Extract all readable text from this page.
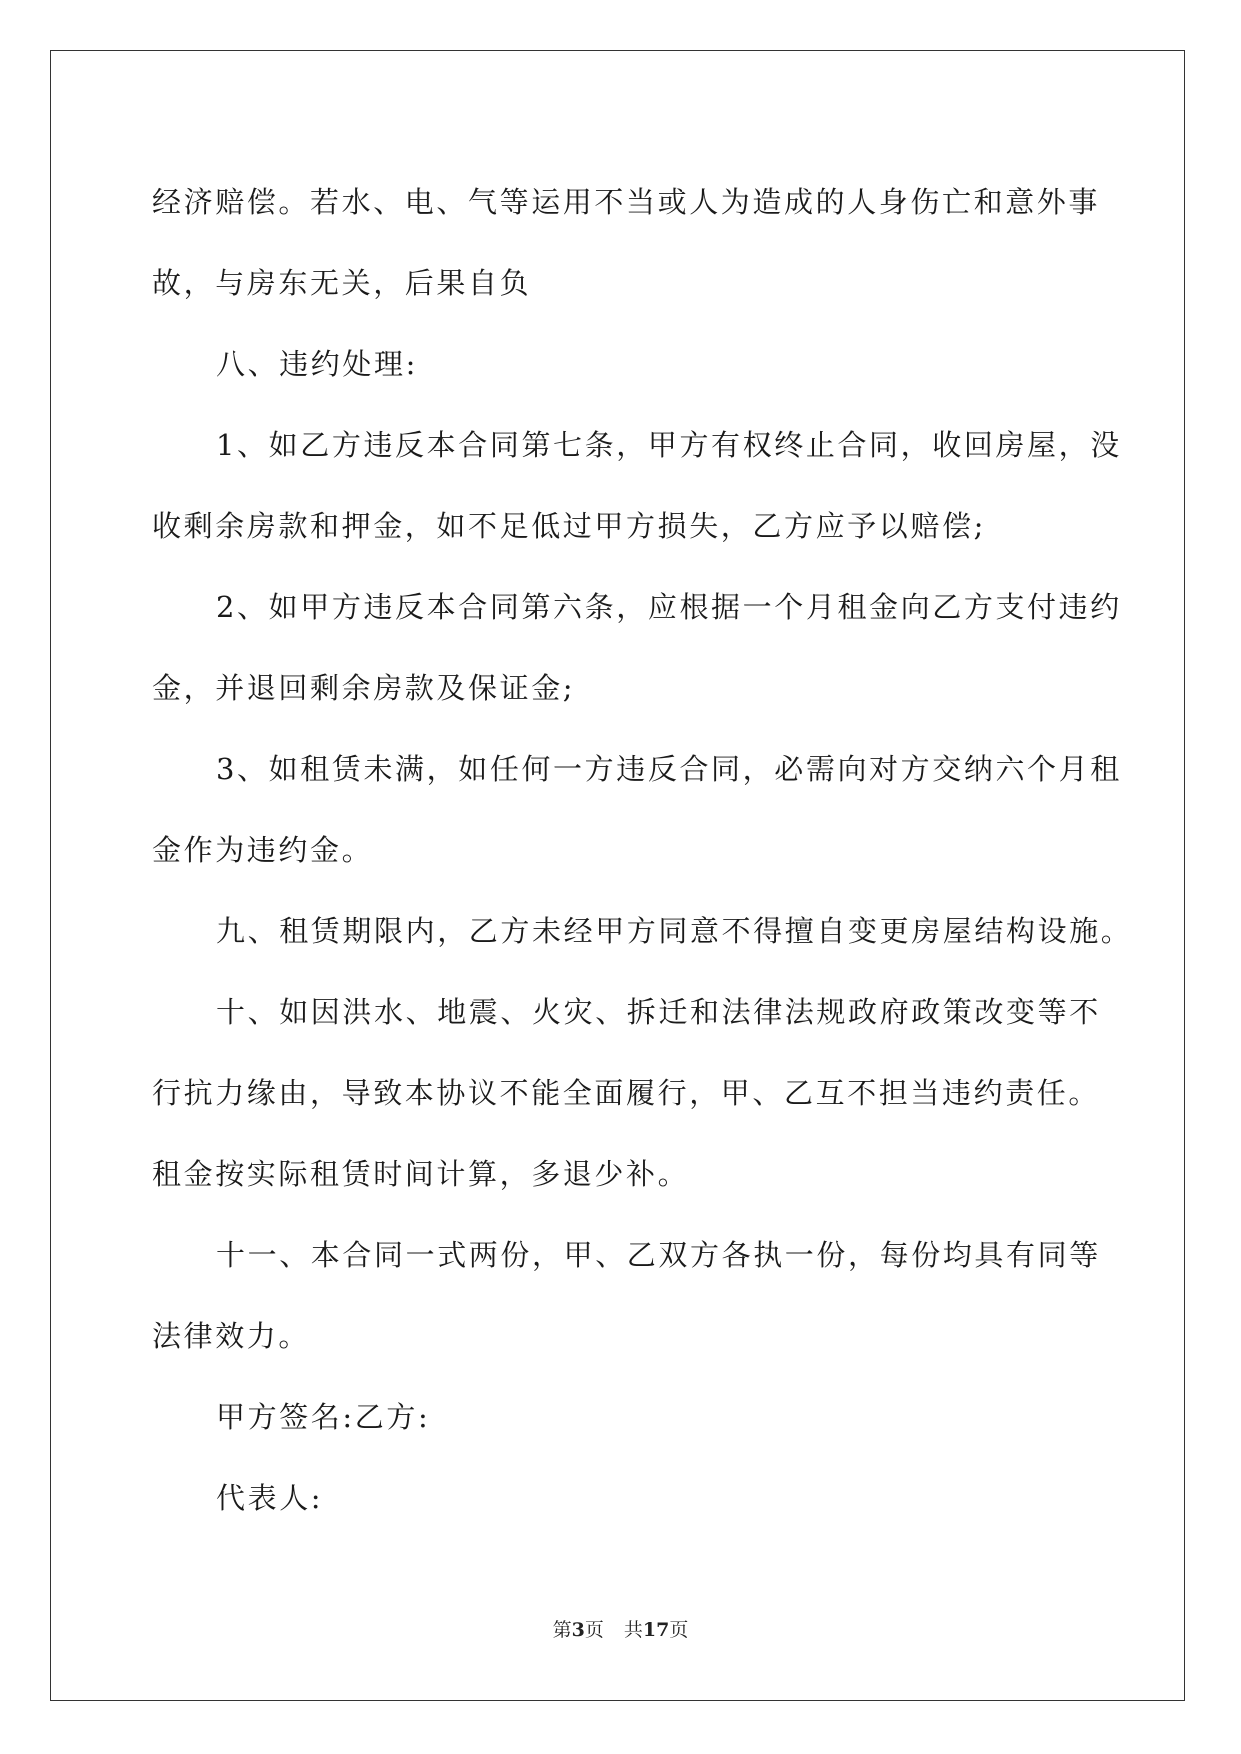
经济赔偿。若水、电、气等运用不当或人为造成的人身伤亡和意外事

故，与房东无关，后果自负

八、违约处理:

1、如乙方违反本合同第七条，甲方有权终止合同，收回房屋，没

收剩余房款和押金，如不足低过甲方损失，乙方应予以赔偿;

2、如甲方违反本合同第六条，应根据一个月租金向乙方支付违约

金，并退回剩余房款及保证金;

3、如租赁未满，如任何一方违反合同，必需向对方交纳六个月租

金作为违约金。

九、租赁期限内，乙方未经甲方同意不得擅自变更房屋结构设施。

十、如因洪水、地震、火灾、拆迁和法律法规政府政策改变等不

行抗力缘由，导致本协议不能全面履行，甲、乙互不担当违约责任。

租金按实际租赁时间计算，多退少补。

十一、本合同一式两份，甲、乙双方各执一份，每份均具有同等

法律效力。

甲方签名:乙方:

代表人:

第3页 共17页
